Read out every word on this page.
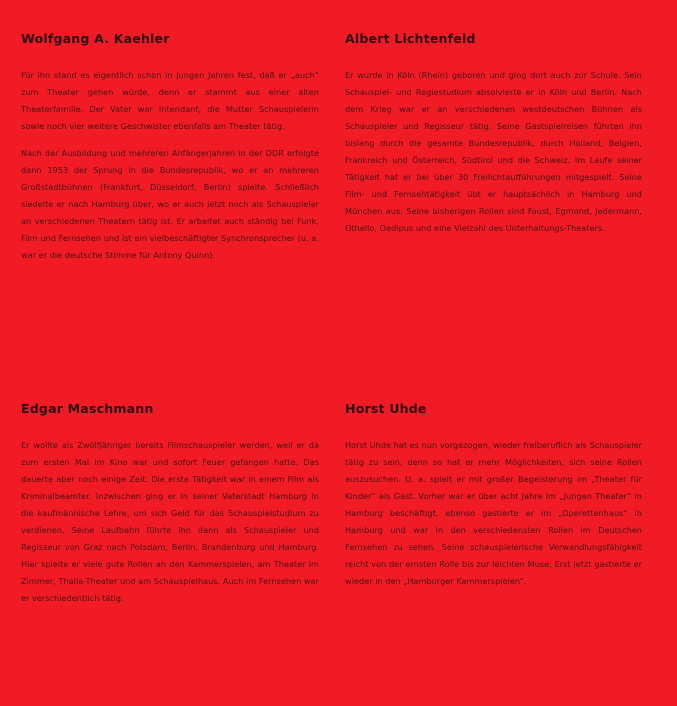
Wolfgang A. Kaehler

Für ihn stand es eigentlich schon in jungen Jahren fest, daß er „auch“ zum Theater gehen würde, denn er stammt aus einer alten Theaterfamilie. Der Vater war Intendant, die Mutter Schauspielerin sowie noch vier weitere Geschwister ebenfalls am Theater tätig.

Nach der Ausbildung und mehreren Anfängerjahren in der DDR erfolgte dann 1953 der Sprung in die Bundesrepublik, wo er an mehreren Großstadtbühnen (Frankfurt, Düsseldorf, Berlin) spielte. Schließlich siedelte er nach Hamburg über, wo er auch jetzt noch als Schauspieler an verschiedenen Theatern tätig ist. Er arbeitet auch ständig bei Funk, Film und Fernsehen und ist ein vielbeschäftigter Synchronsprecher (u. a. war er die deutsche Stimme für Antony Quinn).

Albert Lichtenfeld

Er wurde in Köln (Rhein) geboren und ging dort auch zur Schule. Sein Schauspiel- und Regiestudium absolvierte er in Köln und Berlin. Nach dem Krieg war er an verschiedenen westdeutschen Bühnen als Schauspieler und Regisseur tätig. Seine Gastspielreisen führten ihn bislang durch die gesamte Bundesrepublik, durch Holland, Belgien, Frankreich und Österreich, Südtirol und die Schweiz. Im Laufe seiner Tätigkeit hat er bei über 30 Freilichtaufführungen mitgespielt. Seine Film- und Fernsehtätigkeit übt er hauptsächlich in Hamburg und München aus. Seine bisherigen Rollen sind Faust, Egmond, Jedermann, Othello, Oedipus und eine Vielzahl des Unterhaltungs-Theaters.

Edgar Maschmann

Er wollte als Zwölfjähriger bereits Filmschauspieler werden, weil er da zum ersten Mal im Kino war und sofort Feuer gefangen hatte. Das dauerte aber noch einige Zeit. Die erste Tätigkeit war in einem Film als Kriminalbeamter. Inzwischen ging er in seiner Vaterstadt Hamburg in die kaufmännische Lehre, um sich Geld für das Schauspielstudium zu verdienen. Seine Laufbahn führte ihn dann als Schauspieler und Regisseur von Graz nach Potsdam, Berlin, Brandenburg und Hamburg. Hier spielte er viele gute Rollen an den Kammerspielen, am Theater im Zimmer, Thalia-Theater und am Schauspielhaus. Auch im Fernsehen war er verschiedentlich tätig.

Horst Uhde

Horst Uhde hat es nun vorgezogen, wieder freiberuflich als Schauspieler tätig zu sein, denn so hat er mehr Möglichkeiten, sich seine Rollen auszusuchen. U. a. spielt er mit großer Begeisterung im „Theater für Kinder“ als Gast. Vorher war er über acht Jahre im „Jungen Theater“ in Hamburg beschäftigt, ebenso gastierte er im „Operettenhaus“ in Hamburg und war in den verschiedensten Rollen im Deutschen Fernsehen zu sehen. Seine schauspielerische Verwandlungsfähigkeit reicht von der ernsten Rolle bis zur leichten Muse. Erst jetzt gastierte er wieder in den „Hamburger Kammerspielen“.
